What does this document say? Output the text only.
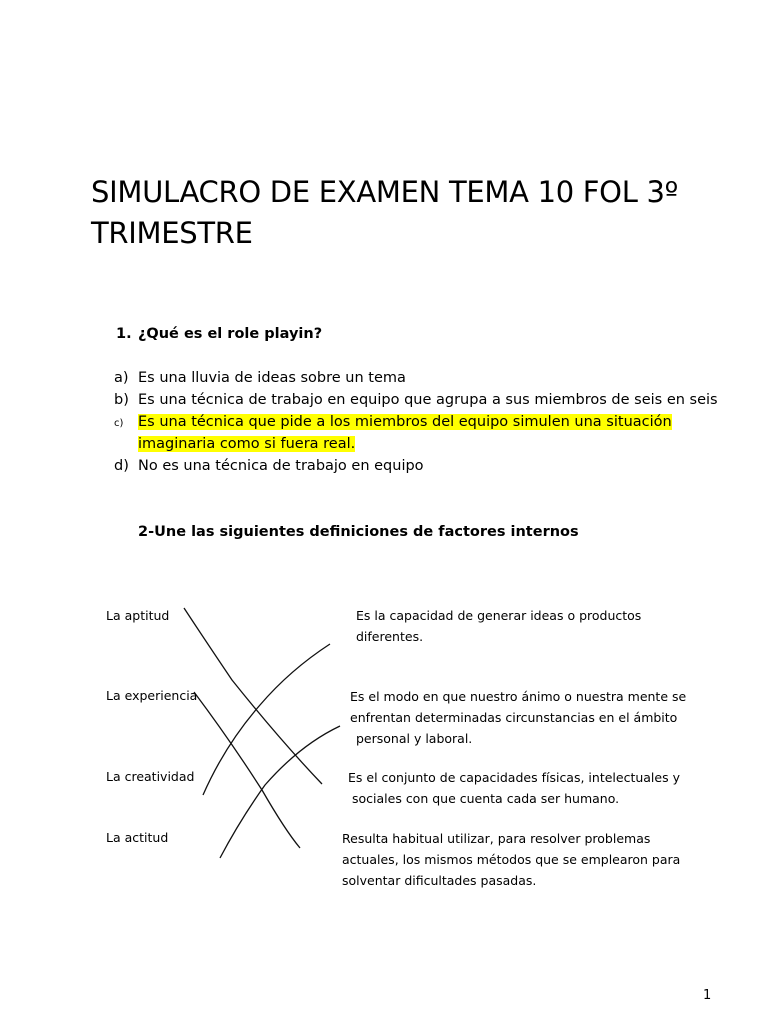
SIMULACRO DE EXAMEN TEMA 10 FOL 3º TRIMESTRE
1. ¿Qué es el role playin?
a) Es una lluvia de ideas sobre un tema
b) Es una técnica de trabajo en equipo que agrupa a sus miembros de seis en seis
c) Es una técnica que pide a los miembros del equipo simulen una situación imaginaria como si fuera real.
d) No es una técnica de trabajo en equipo
2-Une las siguientes definiciones de factores internos
La aptitud
La experiencia
La creatividad
La actitud
Es la capacidad de generar ideas o productos
diferentes.
Es el modo en que nuestro ánimo o nuestra mente se
enfrentan determinadas circunstancias en el ámbito
personal y laboral.
Es el conjunto de capacidades físicas, intelectuales y
sociales con que cuenta cada ser humano.
Resulta habitual utilizar, para resolver problemas
actuales, los mismos métodos que se emplearon para
solventar dificultades pasadas.
1
